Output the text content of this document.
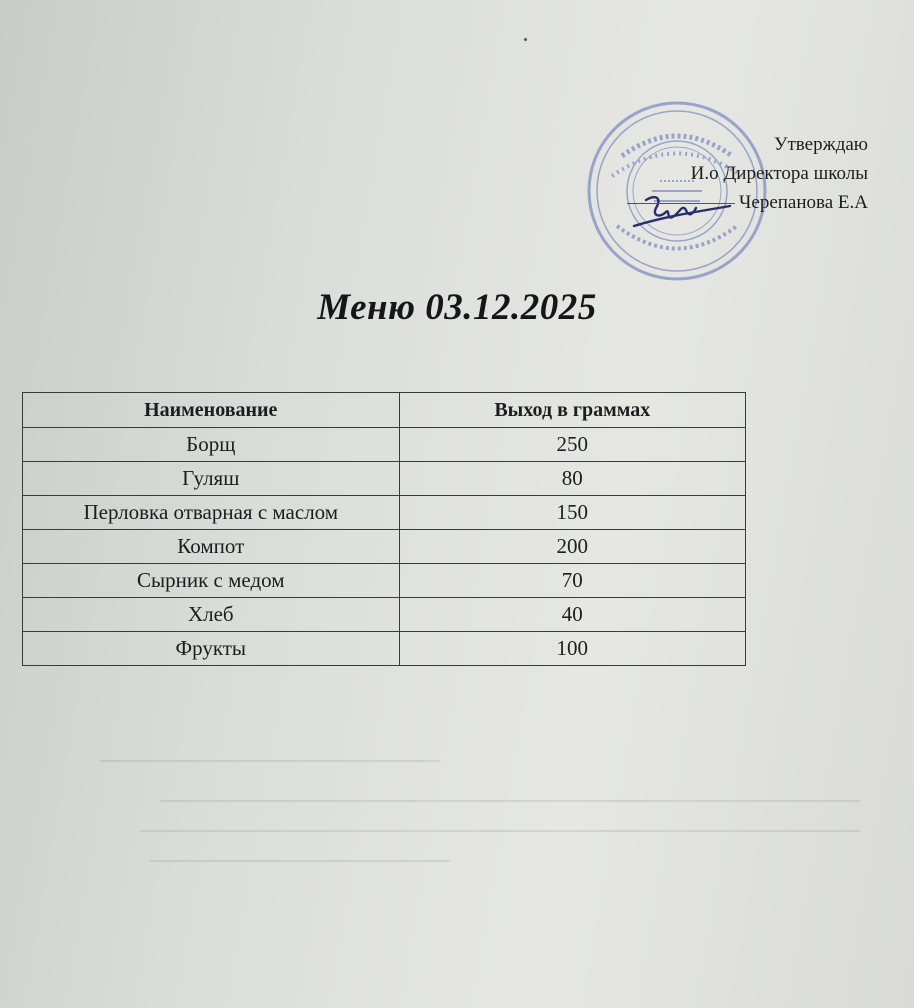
Утверждаю
И.о Директора школы
Черепанова Е.А
Меню 03.12.2025
Наименование	Выход в граммах
Борщ	250
Гуляш	80
Перловка отварная с маслом	150
Компот	200
Сырник с медом	70
Хлеб	40
Фрукты	100
